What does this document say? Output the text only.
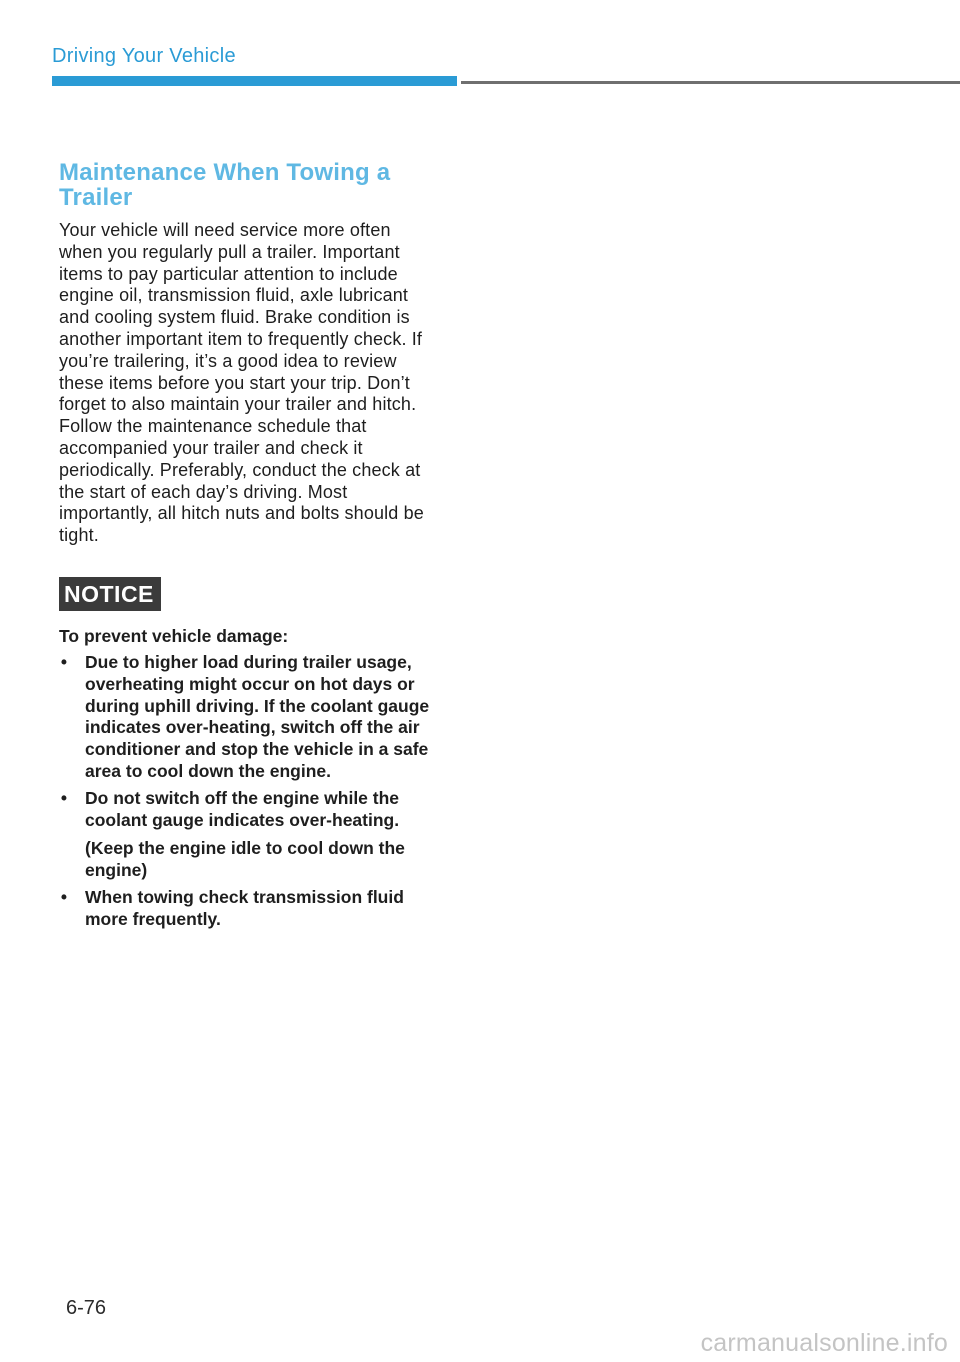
Driving Your Vehicle
Maintenance When Towing a Trailer

Your vehicle will need service more often when you regularly pull a trailer. Important items to pay particular attention to include engine oil, transmission fluid, axle lubricant and cooling system fluid. Brake condition is another important item to frequently check. If you’re trailering, it’s a good idea to review these items before you start your trip. Don’t forget to also maintain your trailer and hitch. Follow the maintenance schedule that accompanied your trailer and check it periodically. Preferably, conduct the check at the start of each day’s driving. Most importantly, all hitch nuts and bolts should be tight.

NOTICE

To prevent vehicle damage:

• Due to higher load during trailer usage, overheating might occur on hot days or during uphill driving. If the coolant gauge indicates over-heating, switch off the air conditioner and stop the vehicle in a safe area to cool down the engine.

• Do not switch off the engine while the coolant gauge indicates over-heating.

(Keep the engine idle to cool down the engine)

• When towing check transmission fluid more frequently.

6-76
carmanualsonline.info
